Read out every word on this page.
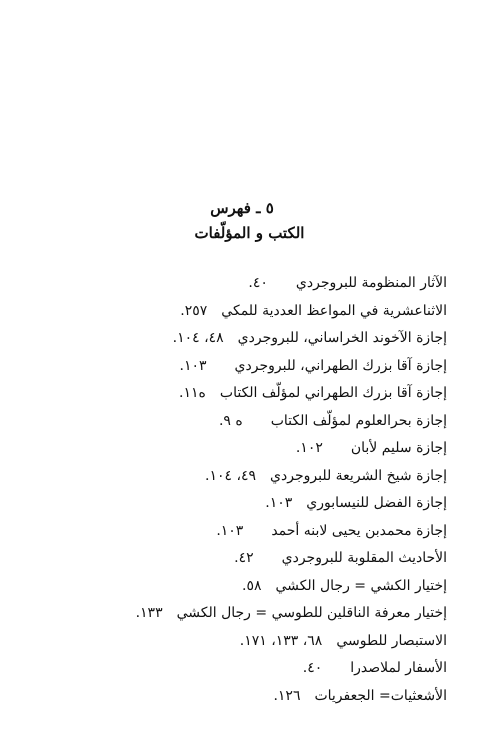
٥ ـ فهرس
الكتب و المؤلّفات
الآثار المنظومة للبروجردي٤٠.
الاثناعشرية في المواعظ العددية للمكي٢٥٧.
إجازة الآخوند الخراساني، للبروجردي٤٨، ١٠٤.
إجازة آقا بزرك الطهراني، للبروجردي١٠٣.
إجازة آقا بزرك الطهراني لمؤلّف الكتابه١١.
إجازة بحرالعلوم لمؤلّف الكتابه ٩.
إجازة سليم لأبان١٠٢.
إجازة شيخ الشريعة للبروجردي٤٩، ١٠٤.
إجازة الفضل للنيسابوري١٠٣.
إجازة محمدبن يحيى لابنه أحمد١٠٣.
الأحاديث المقلوبة للبروجردي٤٢.
إختيار الكشي = رجال الكشي٥٨.
إختيار معرفة الناقلين للطوسي = رجال الكشي١٣٣.
الاستبصار للطوسي٦٨، ١٣٣، ١٧١.
الأسفار لملاصدرا٤٠.
الأشعثيات= الجعفريات١٢٦.
